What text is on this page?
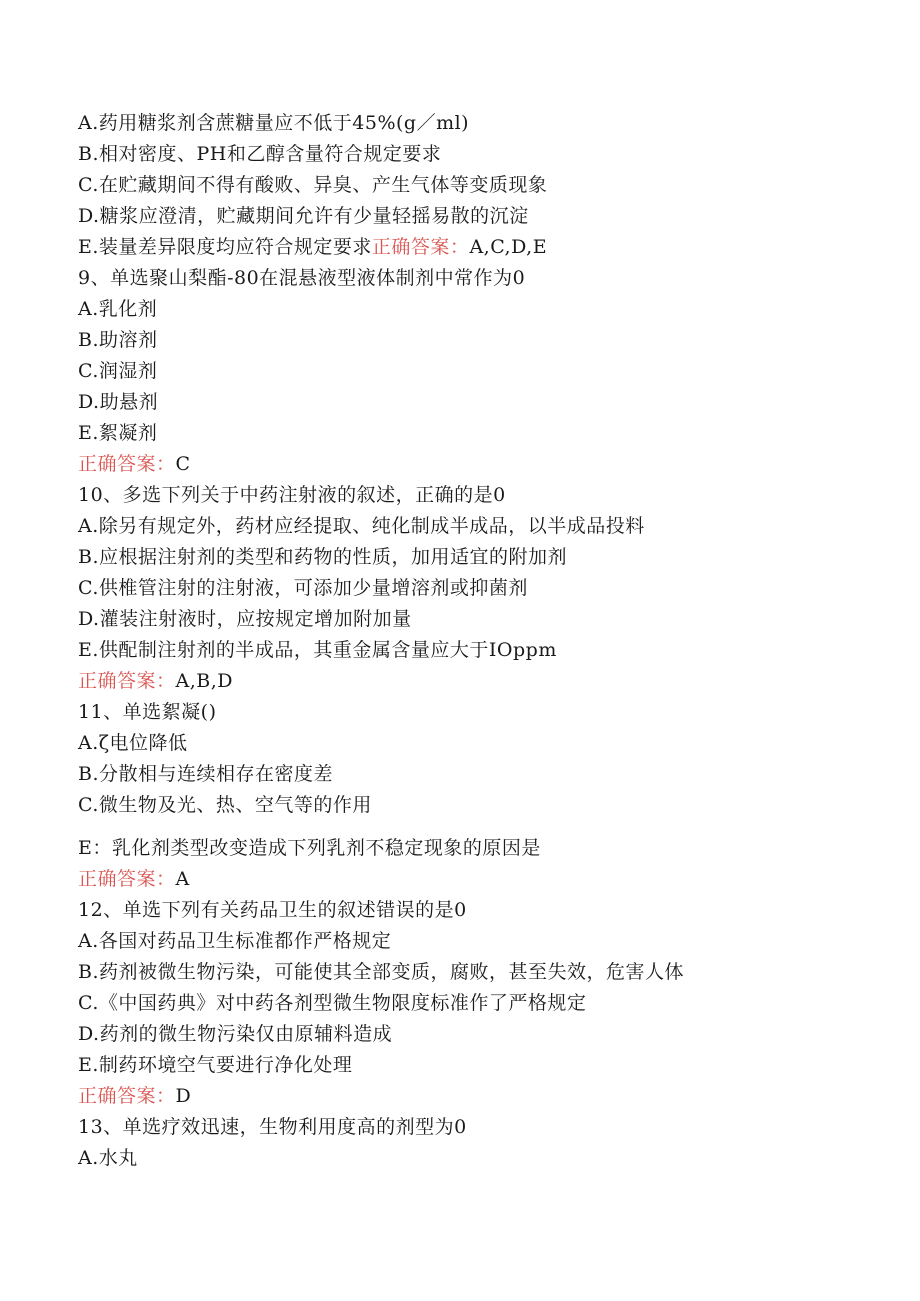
A.药用糖浆剂含蔗糖量应不低于45%(g／ml)
B.相对密度、PH和乙醇含量符合规定要求
C.在贮藏期间不得有酸败、异臭、产生气体等变质现象
D.糖浆应澄清，贮藏期间允许有少量轻摇易散的沉淀
E.装量差异限度均应符合规定要求正确答案：A,C,D,E
9、单选聚山梨酯-80在混悬液型液体制剂中常作为0
A.乳化剂
B.助溶剂
C.润湿剂
D.助悬剂
E.絮凝剂
正确答案：C
10、多选下列关于中药注射液的叙述，正确的是0
A.除另有规定外，药材应经提取、纯化制成半成品，以半成品投料
B.应根据注射剂的类型和药物的性质，加用适宜的附加剂
C.供椎管注射的注射液，可添加少量增溶剂或抑菌剂
D.灌装注射液时，应按规定增加附加量
E.供配制注射剂的半成品，其重金属含量应大于IOppm
正确答案：A,B,D
11、单选絮凝()
A.ζ电位降低
B.分散相与连续相存在密度差
C.微生物及光、热、空气等的作用
E：乳化剂类型改变造成下列乳剂不稳定现象的原因是
正确答案：A
12、单选下列有关药品卫生的叙述错误的是0
A.各国对药品卫生标准都作严格规定
B.药剂被微生物污染，可能使其全部变质，腐败，甚至失效，危害人体
C.《中国药典》对中药各剂型微生物限度标准作了严格规定
D.药剂的微生物污染仅由原辅料造成
E.制药环境空气要进行净化处理
正确答案：D
13、单选疗效迅速，生物利用度高的剂型为0
A.水丸
